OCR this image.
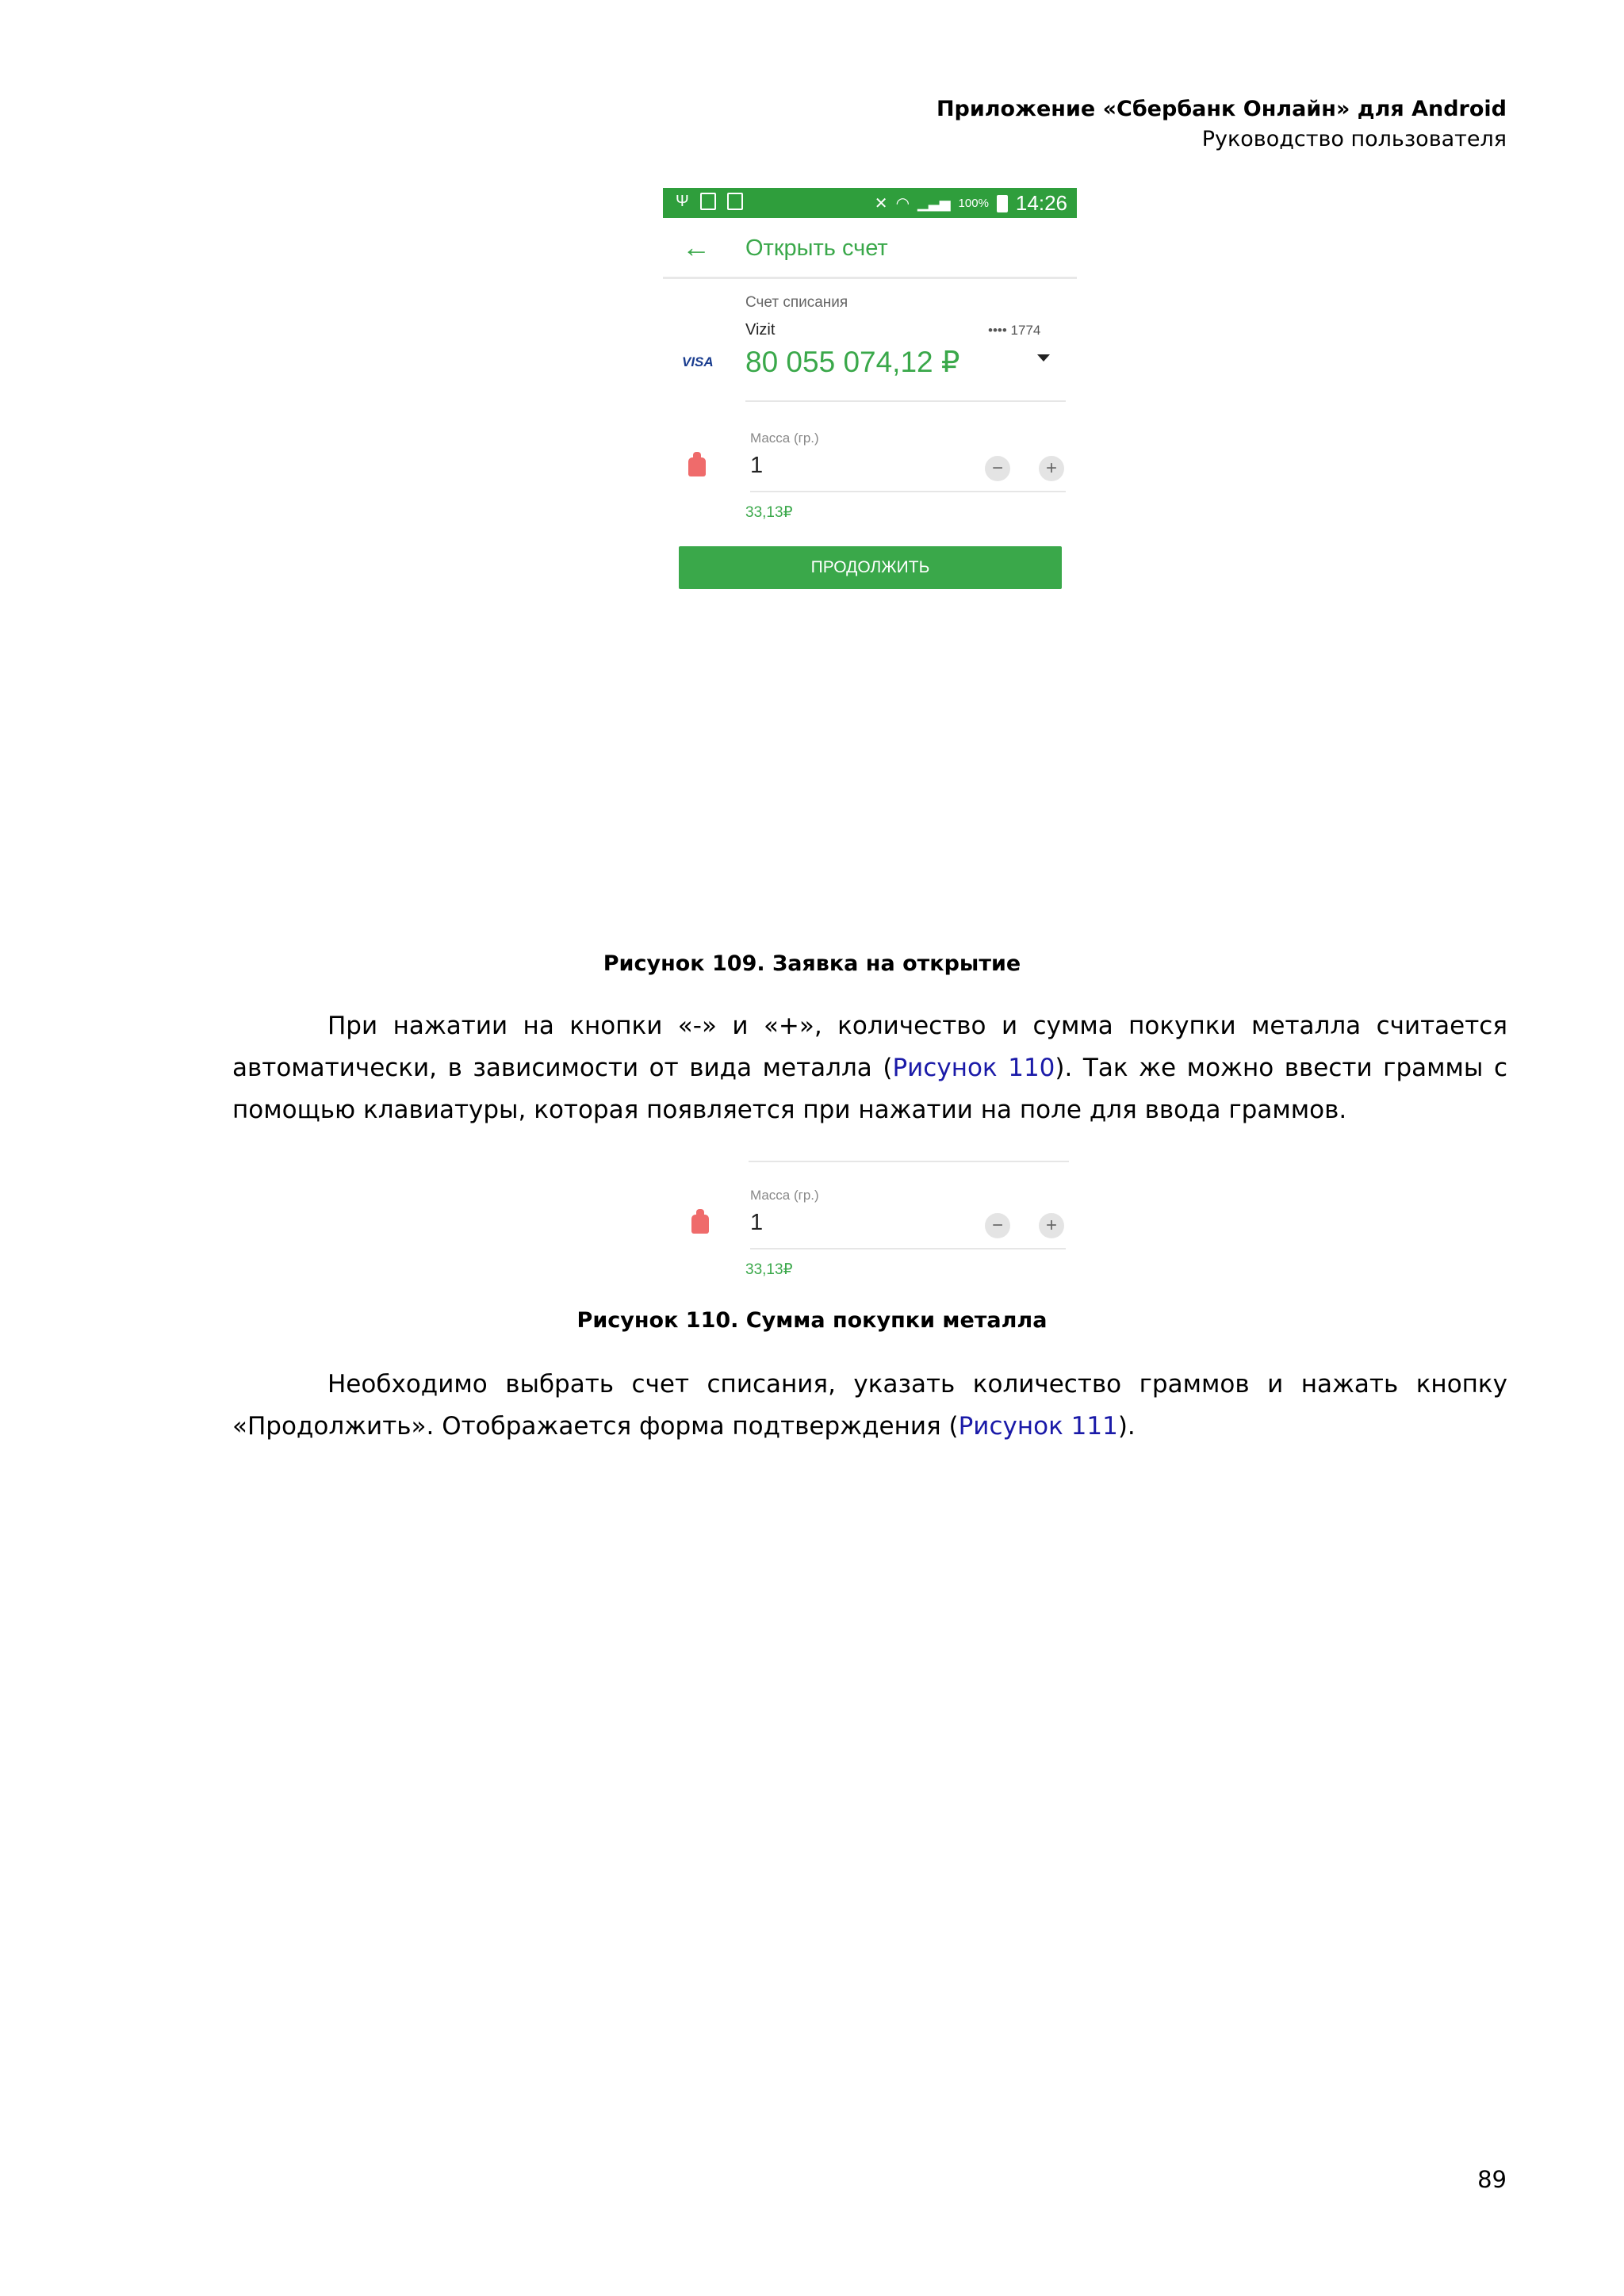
Приложение «Сбербанк Онлайн» для Android
Руководство пользователя
Ψ	✕ ◠ ▁▃▅ 100% 14:26
← Открыть счет
Счет списания
VISA
Vizit	•••• 1774
80 055 074,12 ₽
Масса (гр.)
1	−	+
33,13₽
ПРОДОЛЖИТЬ
Рисунок 109. Заявка на открытие
При нажатии на кнопки «-» и «+», количество и сумма покупки металла считается автоматически, в зависимости от вида металла (Рисунок 110). Так же можно ввести граммы с помощью клавиатуры, которая появляется при нажатии на поле для ввода граммов.
Масса (гр.)
1	−	+
33,13₽
Рисунок 110. Сумма покупки металла
Необходимо выбрать счет списания, указать количество граммов и нажать кнопку «Продолжить». Отображается форма подтверждения (Рисунок 111).
89
